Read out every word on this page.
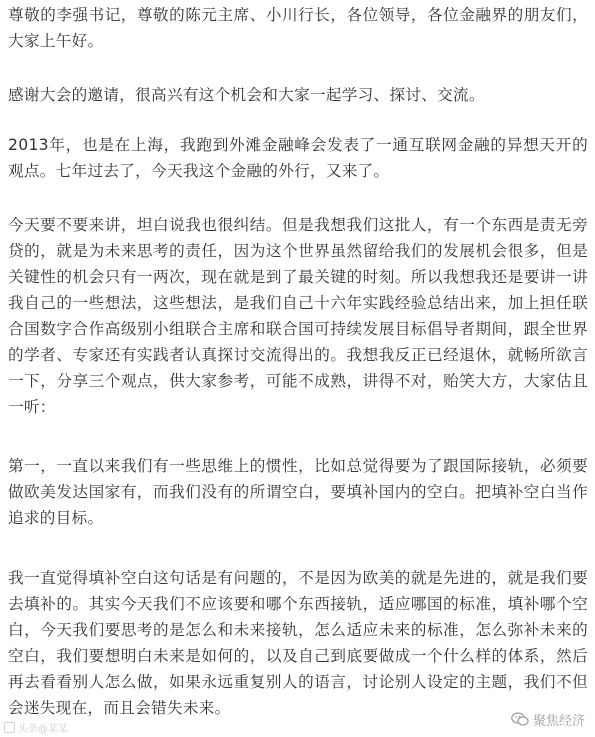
尊敬的李强书记，尊敬的陈元主席、小川行长，各位领导，各位金融界的朋友们，大家上午好。

感谢大会的邀请，很高兴有这个机会和大家一起学习、探讨、交流。

2013年，也是在上海，我跑到外滩金融峰会发表了一通互联网金融的异想天开的观点。七年过去了，今天我这个金融的外行，又来了。

今天要不要来讲，坦白说我也很纠结。但是我想我们这批人，有一个东西是责无旁贷的，就是为未来思考的责任，因为这个世界虽然留给我们的发展机会很多，但是关键性的机会只有一两次，现在就是到了最关键的时刻。所以我想我还是要讲一讲我自己的一些想法，这些想法，是我们自己十六年实践经验总结出来，加上担任联合国数字合作高级别小组联合主席和联合国可持续发展目标倡导者期间，跟全世界的学者、专家还有实践者认真探讨交流得出的。我想我反正已经退休，就畅所欲言一下，分享三个观点，供大家参考，可能不成熟，讲得不对，贻笑大方，大家估且一听：

第一，一直以来我们有一些思维上的惯性，比如总觉得要为了跟国际接轨，必须要做欧美发达国家有，而我们没有的所谓空白，要填补国内的空白。把填补空白当作追求的目标。

我一直觉得填补空白这句话是有问题的，不是因为欧美的就是先进的，就是我们要去填补的。其实今天我们不应该要和哪个东西接轨，适应哪国的标准，填补哪个空白，今天我们要思考的是怎么和未来接轨，怎么适应未来的标准，怎么弥补未来的空白，我们要想明白未来是如何的，以及自己到底要做成一个什么样的体系，然后再去看看别人怎么做，如果永远重复别人的语言，讨论别人设定的主题，我们不但会迷失现在，而且会错失未来。

头条@某某
聚焦经济
